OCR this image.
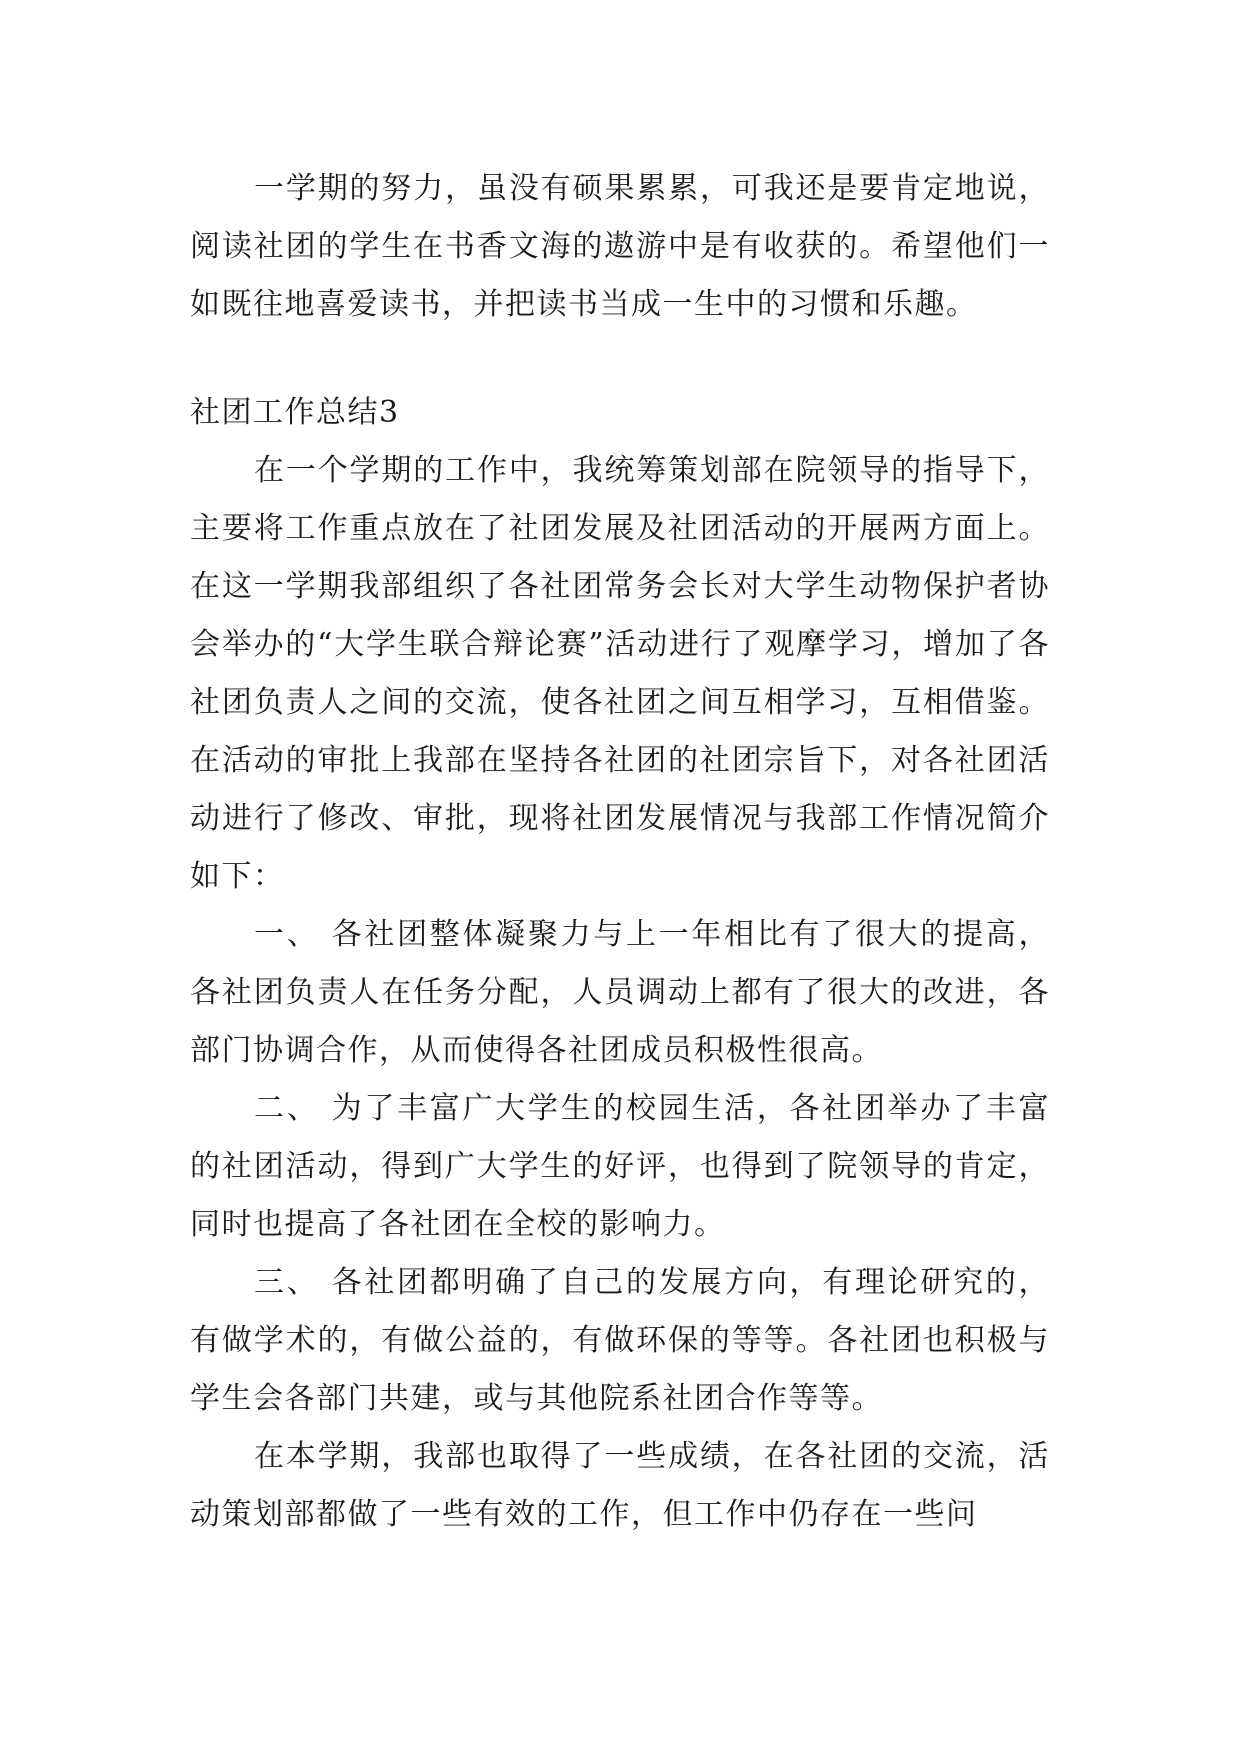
一学期的努力，虽没有硕果累累，可我还是要肯定地说，阅读社团的学生在书香文海的遨游中是有收获的。希望他们一如既往地喜爱读书，并把读书当成一生中的习惯和乐趣。

社团工作总结3

在一个学期的工作中，我统筹策划部在院领导的指导下，主要将工作重点放在了社团发展及社团活动的开展两方面上。在这一学期我部组织了各社团常务会长对大学生动物保护者协会举办的“大学生联合辩论赛”活动进行了观摩学习，增加了各社团负责人之间的交流，使各社团之间互相学习，互相借鉴。在活动的审批上我部在坚持各社团的社团宗旨下，对各社团活动进行了修改、审批，现将社团发展情况与我部工作情况简介如下：

一、 各社团整体凝聚力与上一年相比有了很大的提高，各社团负责人在任务分配，人员调动上都有了很大的改进，各部门协调合作，从而使得各社团成员积极性很高。

二、 为了丰富广大学生的校园生活，各社团举办了丰富的社团活动，得到广大学生的好评，也得到了院领导的肯定，同时也提高了各社团在全校的影响力。

三、 各社团都明确了自己的发展方向，有理论研究的，有做学术的，有做公益的，有做环保的等等。各社团也积极与学生会各部门共建，或与其他院系社团合作等等。

在本学期，我部也取得了一些成绩，在各社团的交流，活动策划部都做了一些有效的工作，但工作中仍存在一些问
